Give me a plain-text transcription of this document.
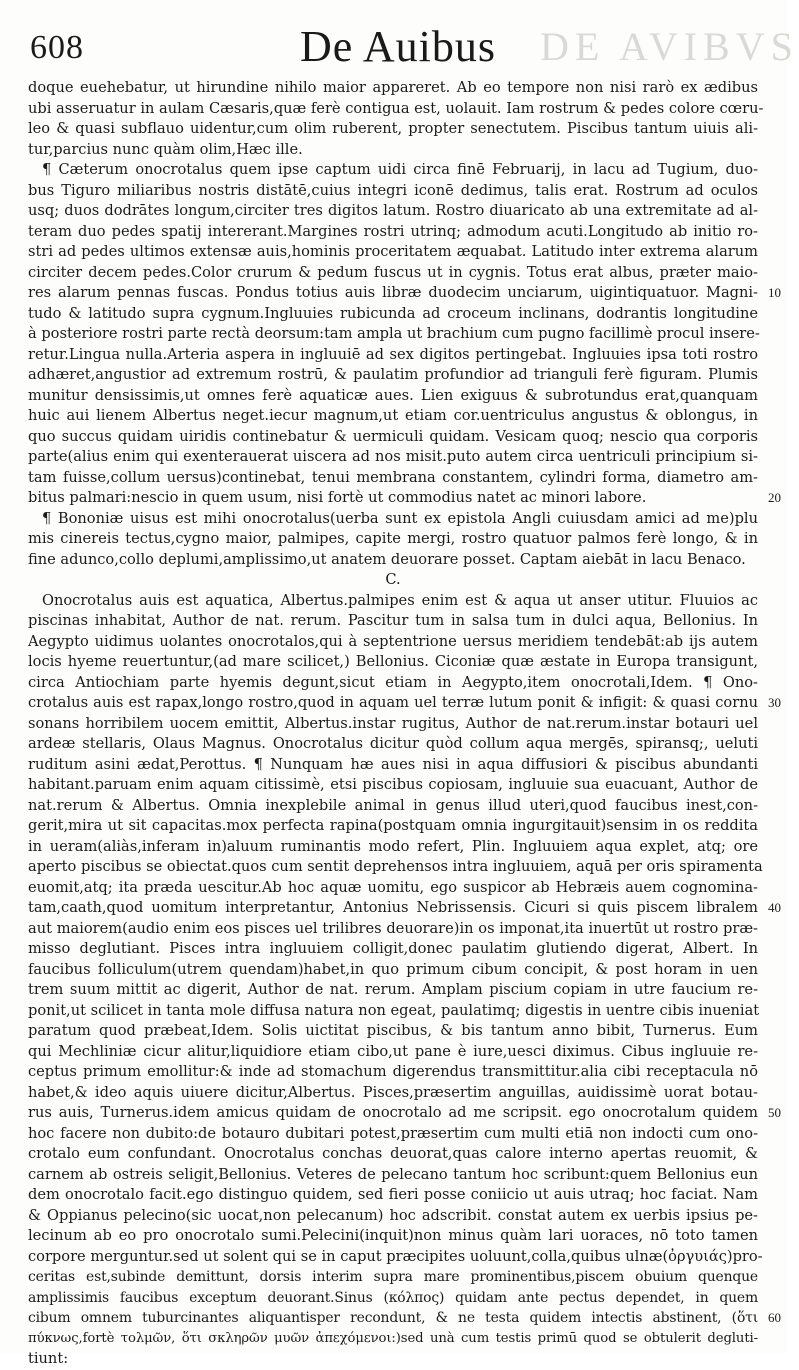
608	De Auibus DE AVIBVS
doque euehebatur, ut hirundine nihilo maior appareret. Ab eo tempore non nisi rarò ex ædibus
ubi asseruatur in aulam Cæsaris,quæ ferè contigua est, uolauit. Iam rostrum & pedes colore cœru-
leo & quasi subflauo uidentur,cum olim ruberent, propter senectutem. Piscibus tantum uiuis ali-
tur,parcius nunc quàm olim,Hæc ille.
¶ Cæterum onocrotalus quem ipse captum uidi circa finē Februarij, in lacu ad Tugium, duo-
bus Tiguro miliaribus nostris distātē,cuius integri iconē dedimus, talis erat. Rostrum ad oculos
usq; duos dodrātes longum,circiter tres digitos latum. Rostro diuaricato ab una extremitate ad al-
teram duo pedes spatij intererant.Margines rostri utrinq; admodum acuti.Longitudo ab initio ro-
stri ad pedes ultimos extensæ auis,hominis proceritatem æquabat. Latitudo inter extrema alarum
circiter decem pedes.Color crurum & pedum fuscus ut in cygnis. Totus erat albus, præter maio-
res alarum pennas fuscas. Pondus totius auis libræ duodecim unciarum, uigintiquatuor. Magni-
tudo & latitudo supra cygnum.Ingluuies rubicunda ad croceum inclinans, dodrantis longitudine
à posteriore rostri parte rectà deorsum:tam ampla ut brachium cum pugno facillimè procul insere-
retur.Lingua nulla.Arteria aspera in ingluuiē ad sex digitos pertingebat. Ingluuies ipsa toti rostro
adhæret,angustior ad extremum rostrū, & paulatim profundior ad trianguli ferè figuram. Plumis
munitur densissimis,ut omnes ferè aquaticæ aues. Lien exiguus & subrotundus erat,quanquam
huic aui lienem Albertus neget.iecur magnum,ut etiam cor.uentriculus angustus & oblongus, in
quo succus quidam uiridis continebatur & uermiculi quidam. Vesicam quoq; nescio qua corporis
parte(alius enim qui exenterauerat uiscera ad nos misit.puto autem circa uentriculi principium si-
tam fuisse,collum uersus)continebat, tenui membrana constantem, cylindri forma, diametro am-
bitus palmari:nescio in quem usum, nisi fortè ut commodius natet ac minori labore.
¶ Bononiæ uisus est mihi onocrotalus(uerba sunt ex epistola Angli cuiusdam amici ad me)plu
mis cinereis tectus,cygno maior, palmipes, capite mergi, rostro quatuor palmos ferè longo, & in
fine adunco,collo deplumi,amplissimo,ut anatem deuorare posset. Captam aiebāt in lacu Benaco.
C.
Onocrotalus auis est aquatica, Albertus.palmipes enim est & aqua ut anser utitur. Fluuios ac
piscinas inhabitat, Author de nat. rerum. Pascitur tum in salsa tum in dulci aqua, Bellonius. In
Aegypto uidimus uolantes onocrotalos,qui à septentrione uersus meridiem tendebāt:ab ijs autem
locis hyeme reuertuntur,(ad mare scilicet,) Bellonius. Ciconiæ quæ æstate in Europa transigunt,
circa Antiochiam parte hyemis degunt,sicut etiam in Aegypto,item onocrotali,Idem. ¶ Ono-
crotalus auis est rapax,longo rostro,quod in aquam uel terræ lutum ponit & infigit: & quasi cornu
sonans horribilem uocem emittit, Albertus.instar rugitus, Author de nat.rerum.instar botauri uel
ardeæ stellaris, Olaus Magnus. Onocrotalus dicitur quòd collum aqua mergēs, spiransq;, ueluti
ruditum asini ædat,Perottus. ¶ Nunquam hæ aues nisi in aqua diffusiori & piscibus abundanti
habitant.paruam enim aquam citissimè, etsi piscibus copiosam, ingluuie sua euacuant, Author de
nat.rerum & Albertus. Omnia inexplebile animal in genus illud uteri,quod faucibus inest,con-
gerit,mira ut sit capacitas.mox perfecta rapina(postquam omnia ingurgitauit)sensim in os reddita
in ueram(aliàs,inferam in)aluum ruminantis modo refert, Plin. Ingluuiem aqua explet, atq; ore
aperto piscibus se obiectat.quos cum sentit deprehensos intra ingluuiem, aquā per oris spiramenta
euomit,atq; ita præda uescitur.Ab hoc aquæ uomitu, ego suspicor ab Hebræis auem cognomina-
tam,caath,quod uomitum interpretantur, Antonius Nebrissensis. Cicuri si quis piscem libralem
aut maiorem(audio enim eos pisces uel trilibres deuorare)in os imponat,ita inuertūt ut rostro præ-
misso deglutiant. Pisces intra ingluuiem colligit,donec paulatim glutiendo digerat, Albert. In
faucibus folliculum(utrem quendam)habet,in quo primum cibum concipit, & post horam in uen
trem suum mittit ac digerit, Author de nat. rerum. Amplam piscium copiam in utre faucium re-
ponit,ut scilicet in tanta mole diffusa natura non egeat, paulatimq; digestis in uentre cibis inueniat
paratum quod præbeat,Idem. Solis uictitat piscibus, & bis tantum anno bibit, Turnerus. Eum
qui Mechliniæ cicur alitur,liquidiore etiam cibo,ut pane è iure,uesci diximus. Cibus ingluuie re-
ceptus primum emollitur:& inde ad stomachum digerendus transmittitur.alia cibi receptacula nō
habet,& ideo aquis uiuere dicitur,Albertus. Pisces,præsertim anguillas, auidissimè uorat botau-
rus auis, Turnerus.idem amicus quidam de onocrotalo ad me scripsit. ego onocrotalum quidem
hoc facere non dubito:de botauro dubitari potest,præsertim cum multi etiā non indocti cum ono-
crotalo eum confundant. Onocrotalus conchas deuorat,quas calore interno apertas reuomit, &
carnem ab ostreis seligit,Bellonius. Veteres de pelecano tantum hoc scribunt:quem Bellonius eun
dem onocrotalo facit.ego distinguo quidem, sed fieri posse coniicio ut auis utraq; hoc faciat. Nam
& Oppianus pelecino(sic uocat,non pelecanum) hoc adscribit. constat autem ex uerbis ipsius pe-
lecinum ab eo pro onocrotalo sumi.Pelecini(inquit)non minus quàm lari uoraces, nō toto tamen
corpore merguntur.sed ut solent qui se in caput præcipites uoluunt,colla,quibus ulnæ(ὀργυιάς)pro-
ceritas est,subinde demittunt, dorsis interim supra mare prominentibus,piscem obuium quenque
amplissimis faucibus exceptum deuorant.Sinus (κόλπος) quidam ante pectus dependet, in quem
cibum omnem tuburcinantes aliquantisper recondunt, & ne testa quidem intectis abstinent, (ὅτι
πύκνως,fortè τολμῶν, ὅτι σκληρῶν μυῶν ἀπεχόμενοι:)sed unà cum testis primū quod se obtulerit degluti-
tiunt:
10
20
30
40
50
60
